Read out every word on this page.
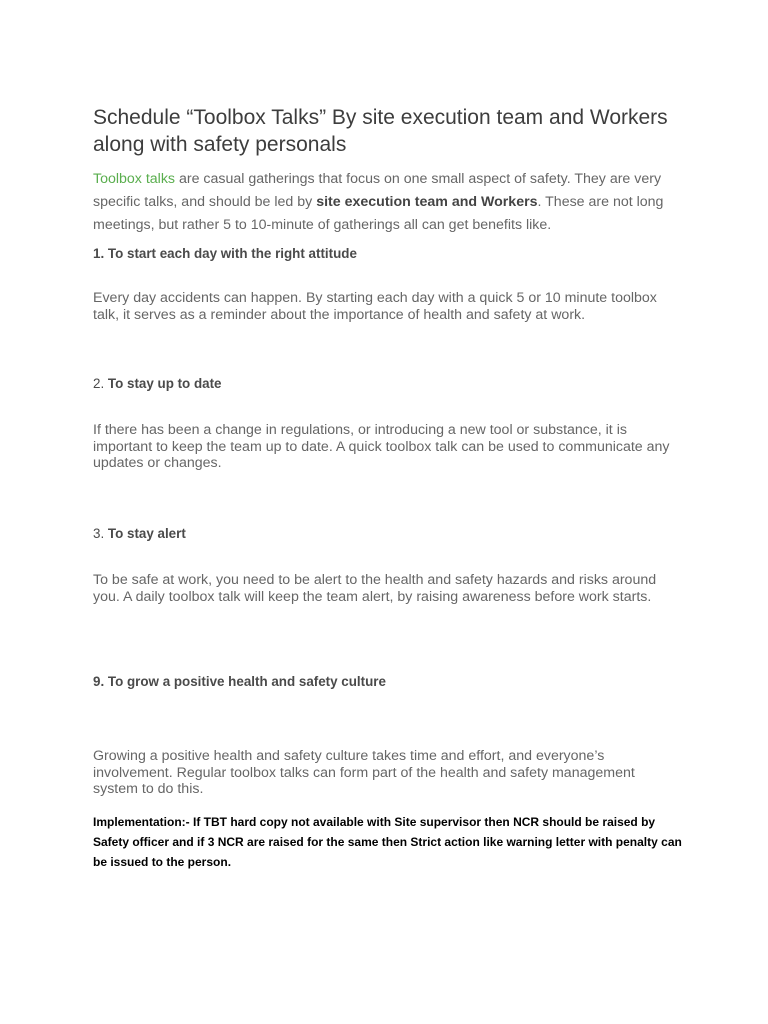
Schedule “Toolbox Talks” By site execution team and Workers along with safety personals

Toolbox talks are casual gatherings that focus on one small aspect of safety. They are very specific talks, and should be led by site execution team and Workers. These are not long meetings, but rather 5 to 10-minute of gatherings all can get benefits like.

1. To start each day with the right attitude

Every day accidents can happen. By starting each day with a quick 5 or 10 minute toolbox talk, it serves as a reminder about the importance of health and safety at work.

2. To stay up to date

If there has been a change in regulations, or introducing a new tool or substance, it is important to keep the team up to date. A quick toolbox talk can be used to communicate any updates or changes.

3. To stay alert

To be safe at work, you need to be alert to the health and safety hazards and risks around you. A daily toolbox talk will keep the team alert, by raising awareness before work starts.

9. To grow a positive health and safety culture

Growing a positive health and safety culture takes time and effort, and everyone’s involvement. Regular toolbox talks can form part of the health and safety management system to do this.

Implementation:- If TBT hard copy not available with Site supervisor then NCR should be raised by Safety officer and if 3 NCR are raised for the same then Strict action like warning letter with penalty can be issued to the person.
